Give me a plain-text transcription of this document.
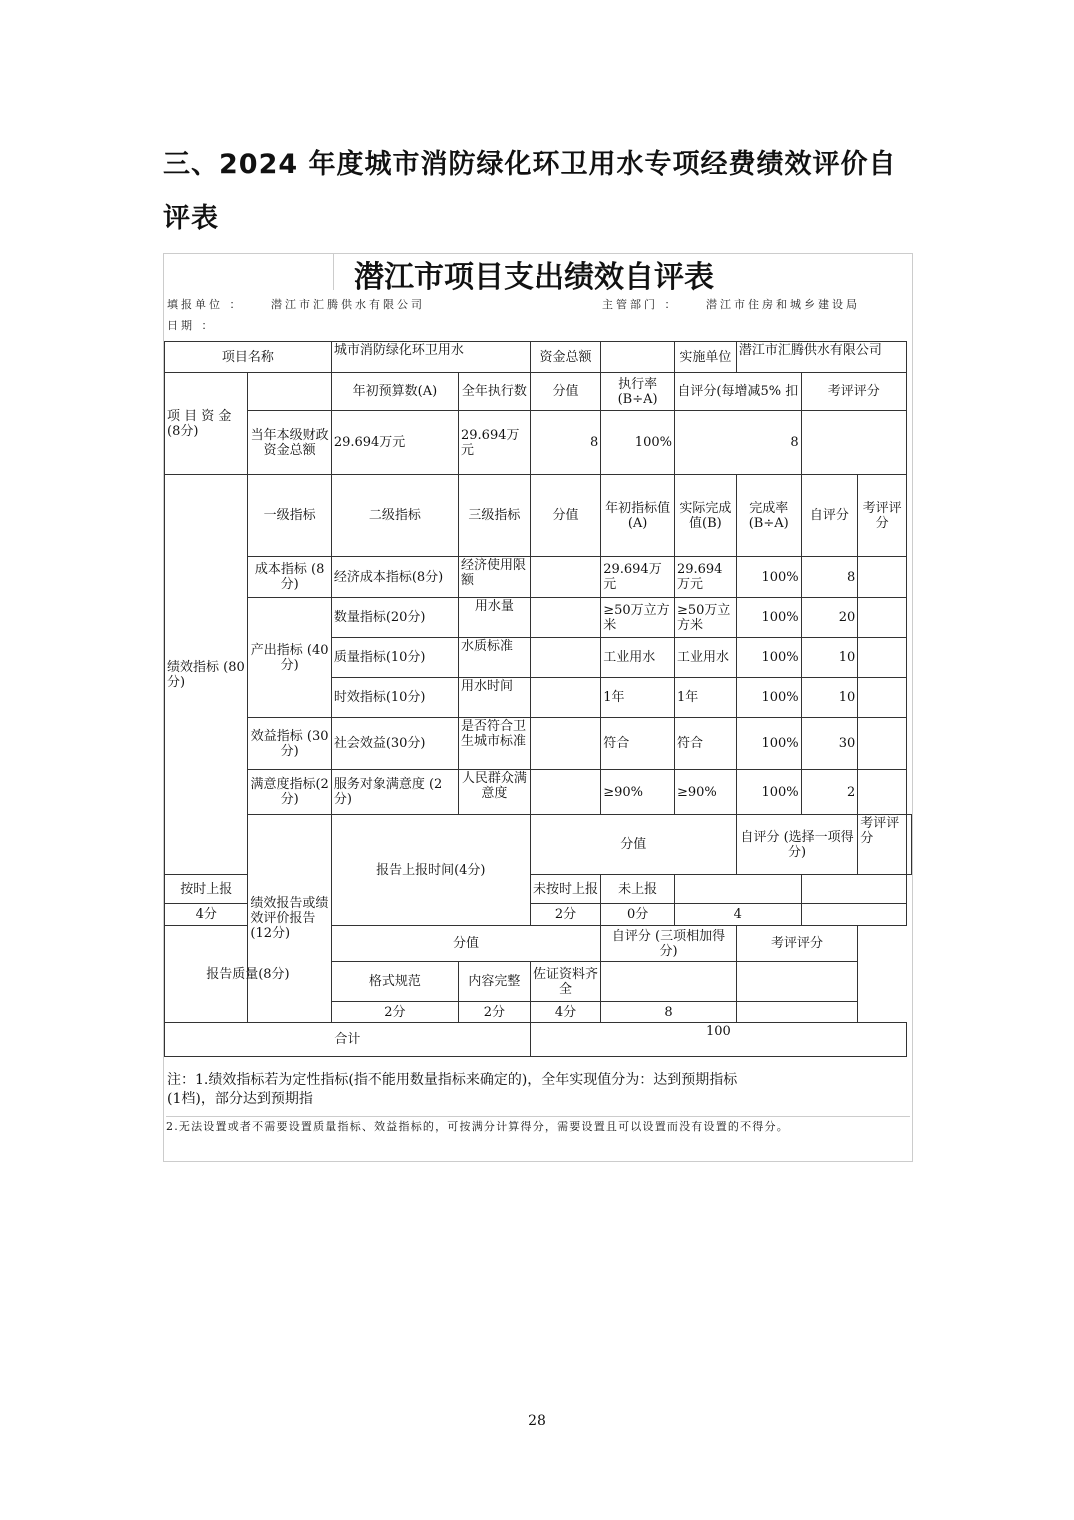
三、2024 年度城市消防绿化环卫用水专项经费绩效评价自评表
潜江市项目支出绩效自评表
填报单位 ：	潜江市汇腾供水有限公司	主管部门 ：	潜江市住房和城乡建设局
日期 ：
项目名称		城市消防绿化环卫用水		资金总额		实施单位	潜江市汇腾供水有限公司			
项 目 资 金 (8分)		年初预算数(A)	全年执行数	分值	执行率 (B÷A)	自评分(每增减5% 扣		考评评分		
	当年本级财政资金总额	29.694万元	29.694万元	8	100%	8				
绩效指标 (80分)	一级指标	二级指标	三级指标	分值	年初指标值 (A)	实际完成值(B)	完成率 (B÷A)	自评分	考评评分	
	成本指标 (8分)	经济成本指标(8分)	经济使用限额		29.694万元	29.694万元	100%	8		
	产出指标 (40分)	数量指标(20分)	用水量		≥50万立方米	≥50万立方米	100%	20		
		质量指标(10分)	水质标准		工业用水	工业用水	100%	10		
		时效指标(10分)	用水时间		1年	1年	100%	10		
	效益指标 (30分)	社会效益(30分)	是否符合卫生城市标准		符合	符合	100%	30		
	满意度指标(2分)	服务对象满意度 (2分)	人民群众满意度		≥90%	≥90%	100%	2		
	绩效报告或绩效评价报告(12分)	报告上报时间(4分)		分值			自评分 (选择一项得分)		考评评分	
按时上报				未按时上报	未上报					
4分				2分	0分	4				
报告质量(8分)		分值			自评分 (三项相加得分)		考评评分			
		格式规范	内容完整	佐证资料齐全						
		2分	2分	4分	8					
合计				100						
注：1.绩效指标若为定性指标(指不能用数量指标来确定的)，全年实现值分为：达到预期指标
(1档)，部分达到预期指
2.无法设置或者不需要设置质量指标、效益指标的，可按满分计算得分，需要设置且可以设置而没有设置的不得分。
28
